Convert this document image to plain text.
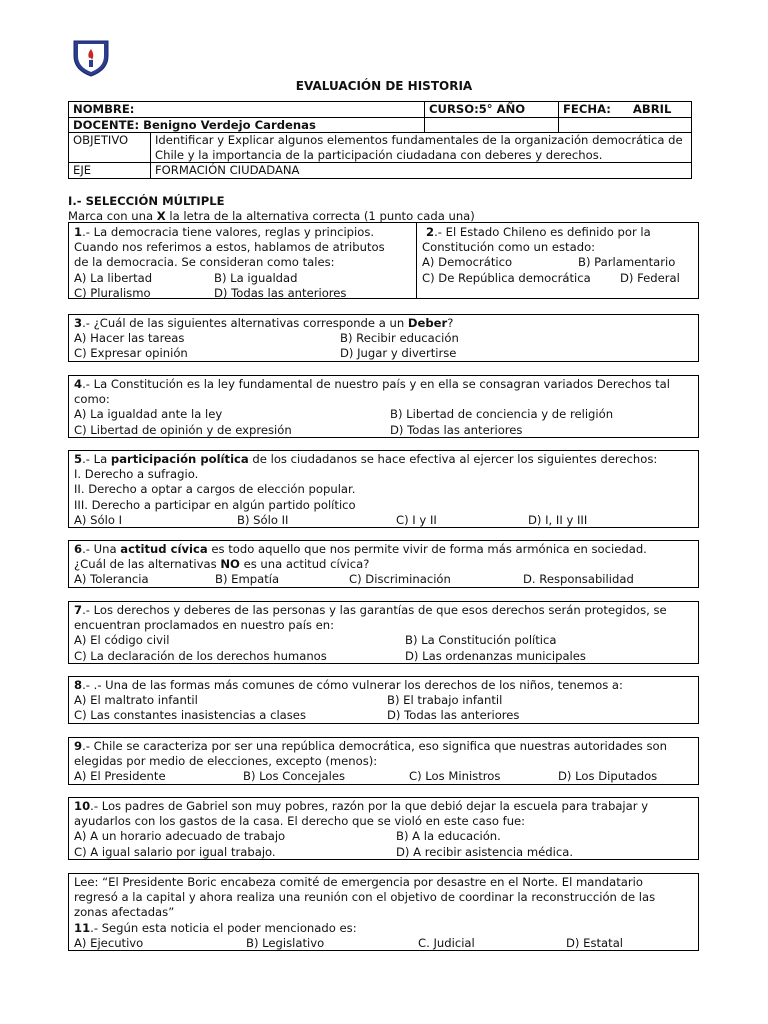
EVALUACIÓN DE HISTORIA
NOMBRE:		CURSO:5° AÑO	FECHA: ABRIL
DOCENTE: Benigno Verdejo Cardenas			
OBJETIVO	Identificar y Explicar algunos elementos fundamentales de la organización democrática de Chile y la importancia de la participación ciudadana con deberes y derechos.		
EJE	FORMACIÓN CIUDADANA		
I.- SELECCIÓN MÚLTIPLE
Marca con una X la letra de la alternativa correcta (1 punto cada una)
1.- La democracia tiene valores, reglas y principios.
Cuando nos referimos a estos, hablamos de atributos
de la democracia. Se consideran como tales:
A) La libertad	B) La igualdad
C) Pluralismo	D) Todas las anteriores
2.- El Estado Chileno es definido por la
Constitución como un estado:
A) Democrático	B) Parlamentario
C) De República democrática	D) Federal
3.- ¿Cuál de las siguientes alternativas corresponde a un Deber?
A) Hacer las tareas	B) Recibir educación
C) Expresar opinión	D) Jugar y divertirse
4.- La Constitución es la ley fundamental de nuestro país y en ella se consagran variados Derechos tal
como:
A) La igualdad ante la ley	B) Libertad de conciencia y de religión
C) Libertad de opinión y de expresión	D) Todas las anteriores
5.- La participación política de los ciudadanos se hace efectiva al ejercer los siguientes derechos:
I. Derecho a sufragio.
II. Derecho a optar a cargos de elección popular.
III. Derecho a participar en algún partido político
A) Sólo I	B) Sólo II	C) I y II	D) I, II y III
6.- Una actitud cívica es todo aquello que nos permite vivir de forma más armónica en sociedad.
¿Cuál de las alternativas NO es una actitud cívica?
A) Tolerancia	B) Empatía	C) Discriminación	D. Responsabilidad
7.- Los derechos y deberes de las personas y las garantías de que esos derechos serán protegidos, se
encuentran proclamados en nuestro país en:
A) El código civil	B) La Constitución política
C) La declaración de los derechos humanos	D) Las ordenanzas municipales
8.- .- Una de las formas más comunes de cómo vulnerar los derechos de los niños, tenemos a:
A) El maltrato infantil	B) El trabajo infantil
C) Las constantes inasistencias a clases	D) Todas las anteriores
9.- Chile se caracteriza por ser una república democrática, eso significa que nuestras autoridades son
elegidas por medio de elecciones, excepto (menos):
A) El Presidente	B) Los Concejales	C) Los Ministros	D) Los Diputados
10.- Los padres de Gabriel son muy pobres, razón por la que debió dejar la escuela para trabajar y
ayudarlos con los gastos de la casa. El derecho que se violó en este caso fue:
A) A un horario adecuado de trabajo	B) A la educación.
C) A igual salario por igual trabajo.	D) A recibir asistencia médica.
Lee: “El Presidente Boric encabeza comité de emergencia por desastre en el Norte. El mandatario
regresó a la capital y ahora realiza una reunión con el objetivo de coordinar la reconstrucción de las
zonas afectadas”
11.- Según esta noticia el poder mencionado es:
A) Ejecutivo	B) Legislativo	C. Judicial	D) Estatal
